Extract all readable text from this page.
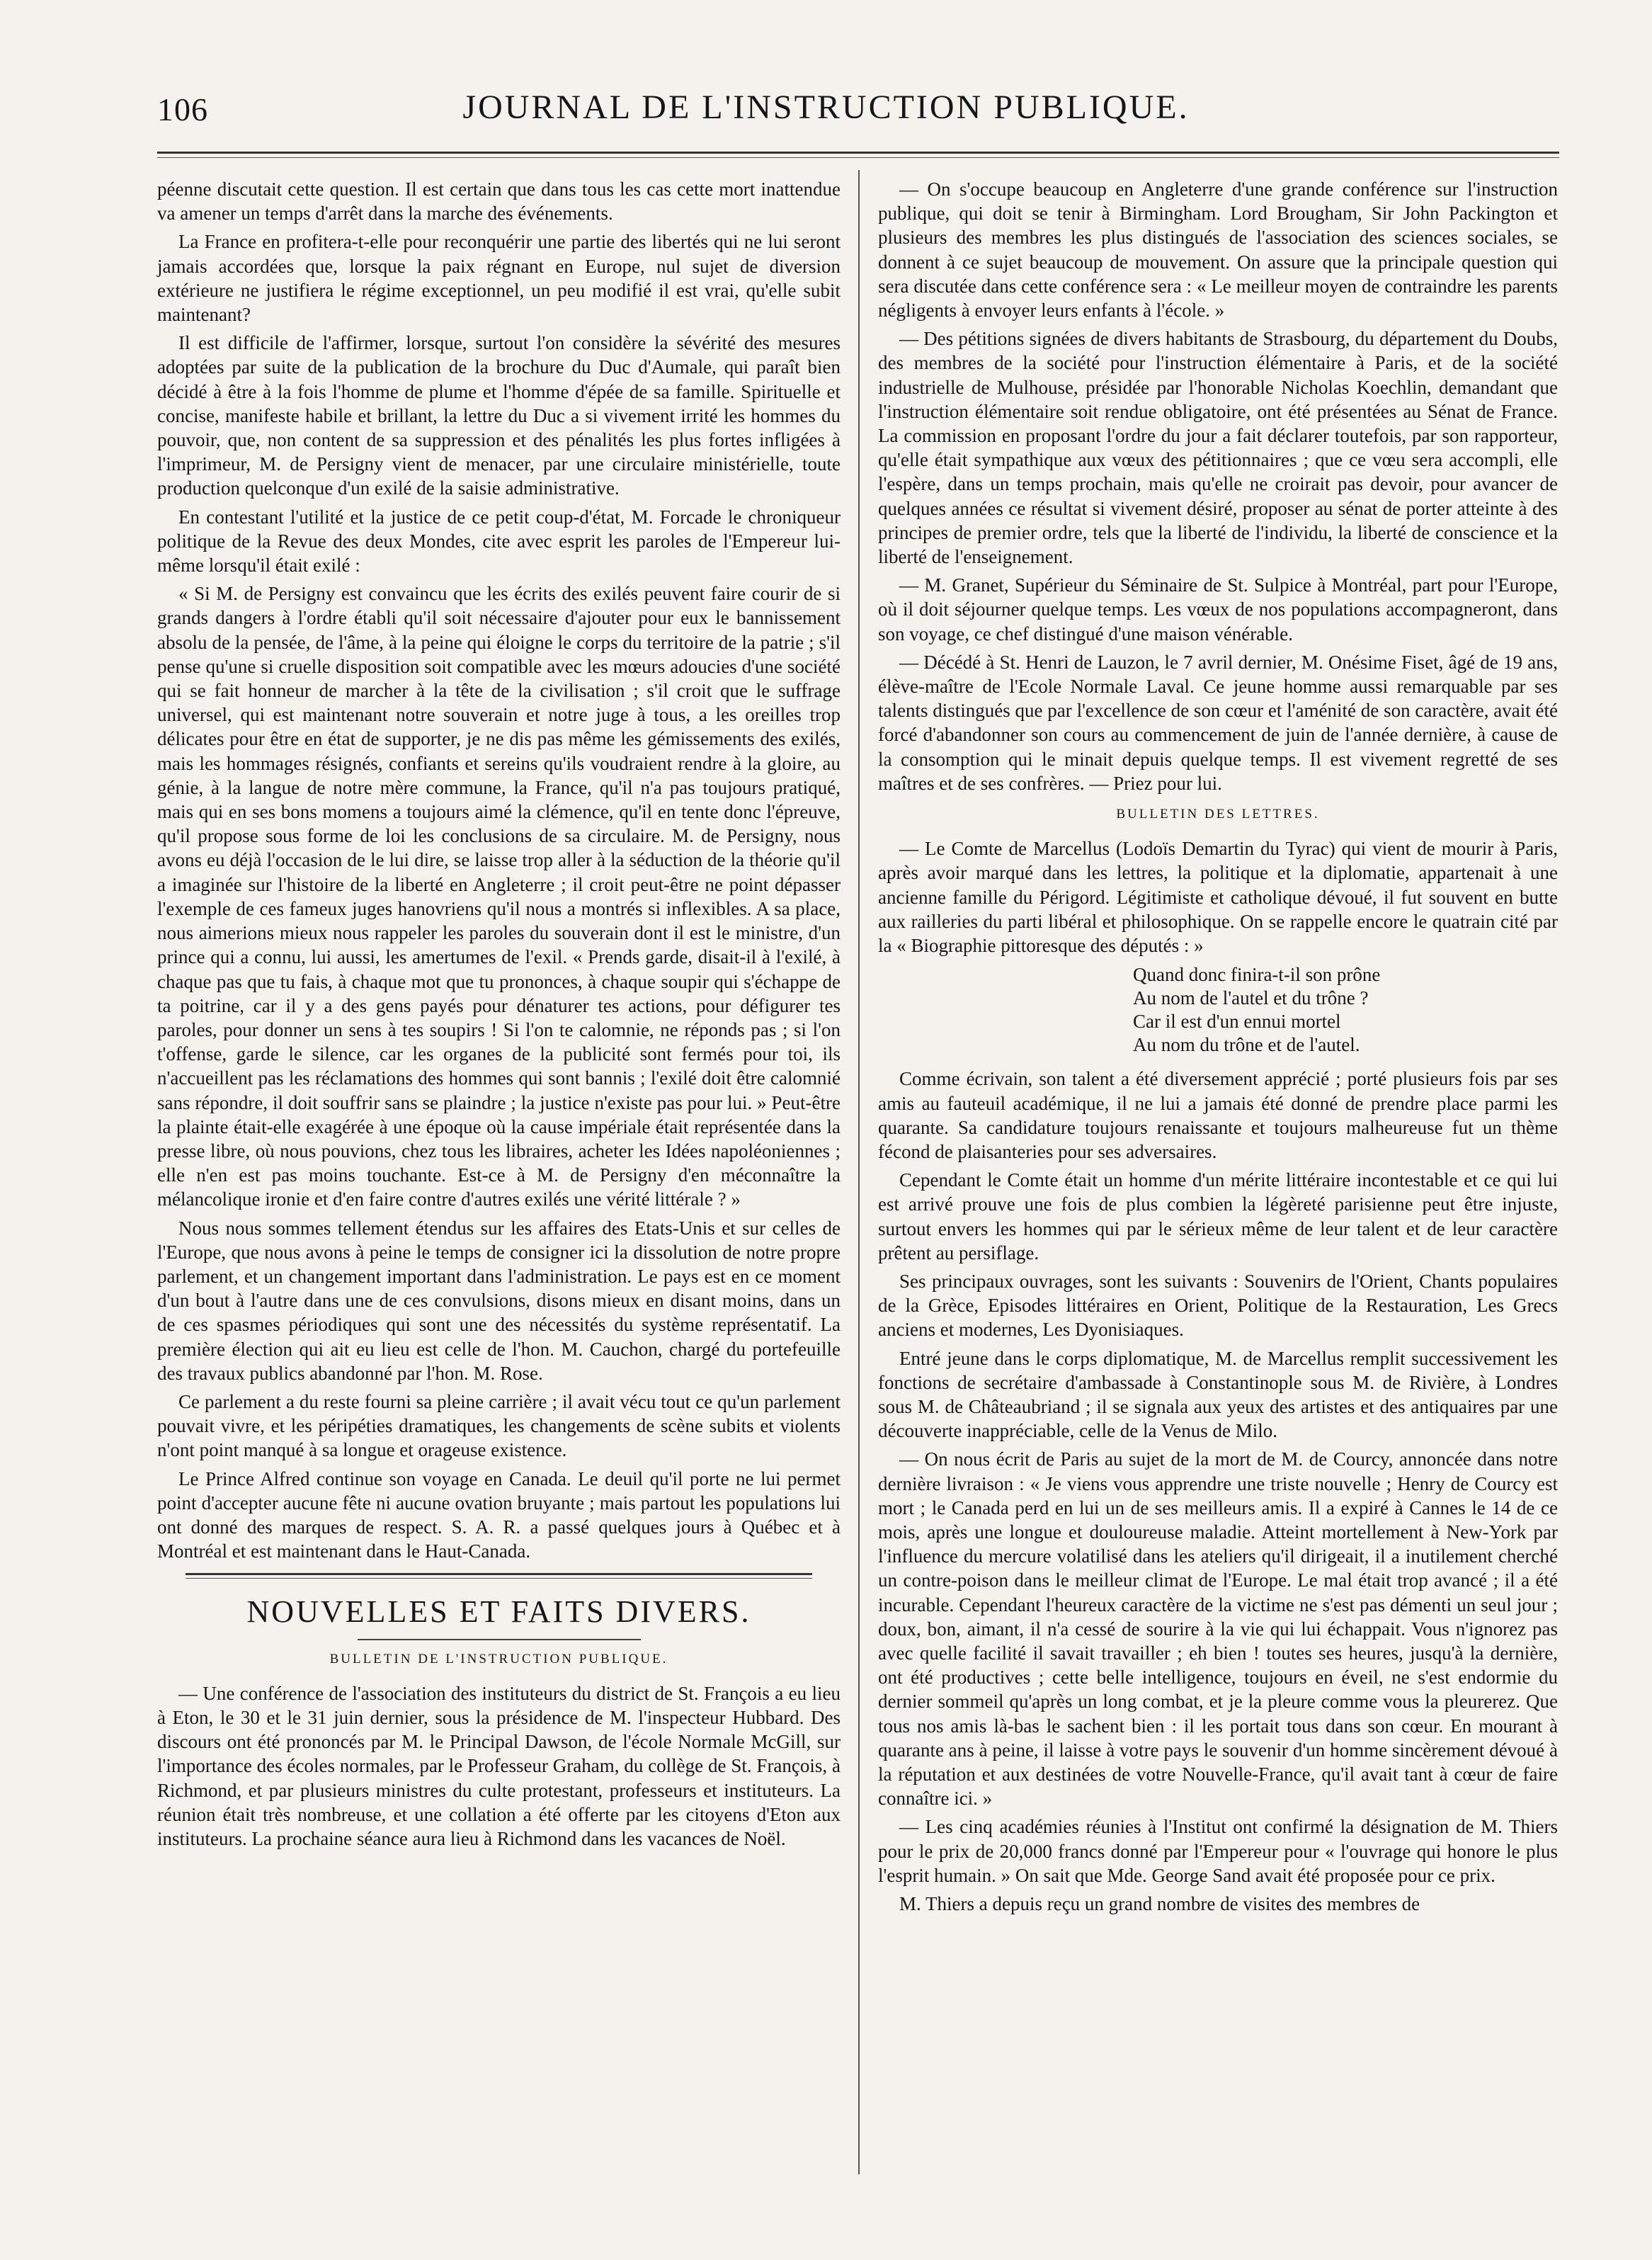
106	JOURNAL DE L'INSTRUCTION PUBLIQUE.

péenne discutait cette question. Il est certain que dans tous les cas cette mort inattendue va amener un temps d'arrêt dans la marche des événements.

La France en profitera-t-elle pour reconquérir une partie des libertés qui ne lui seront jamais accordées que, lorsque la paix régnant en Europe, nul sujet de diversion extérieure ne justifiera le régime exceptionnel, un peu modifié il est vrai, qu'elle subit maintenant?

Il est difficile de l'affirmer, lorsque, surtout l'on considère la sévérité des mesures adoptées par suite de la publication de la brochure du Duc d'Aumale, qui paraît bien décidé à être à la fois l'homme de plume et l'homme d'épée de sa famille. Spirituelle et concise, manifeste habile et brillant, la lettre du Duc a si vivement irrité les hommes du pouvoir, que, non content de sa suppression et des pénalités les plus fortes infligées à l'imprimeur, M. de Persigny vient de menacer, par une circulaire ministérielle, toute production quelconque d'un exilé de la saisie administrative.

En contestant l'utilité et la justice de ce petit coup-d'état, M. Forcade le chroniqueur politique de la Revue des deux Mondes, cite avec esprit les paroles de l'Empereur lui-même lorsqu'il était exilé :

« Si M. de Persigny est convaincu que les écrits des exilés peuvent faire courir de si grands dangers à l'ordre établi qu'il soit nécessaire d'ajouter pour eux le bannissement absolu de la pensée, de l'âme, à la peine qui éloigne le corps du territoire de la patrie ; s'il pense qu'une si cruelle disposition soit compatible avec les mœurs adoucies d'une société qui se fait honneur de marcher à la tête de la civilisation ; s'il croit que le suffrage universel, qui est maintenant notre souverain et notre juge à tous, a les oreilles trop délicates pour être en état de supporter, je ne dis pas même les gémissements des exilés, mais les hommages résignés, confiants et sereins qu'ils voudraient rendre à la gloire, au génie, à la langue de notre mère commune, la France, qu'il n'a pas toujours pratiqué, mais qui en ses bons momens a toujours aimé la clémence, qu'il en tente donc l'épreuve, qu'il propose sous forme de loi les conclusions de sa circulaire. M. de Persigny, nous avons eu déjà l'occasion de le lui dire, se laisse trop aller à la séduction de la théorie qu'il a imaginée sur l'histoire de la liberté en Angleterre ; il croit peut-être ne point dépasser l'exemple de ces fameux juges hanovriens qu'il nous a montrés si inflexibles. A sa place, nous aimerions mieux nous rappeler les paroles du souverain dont il est le ministre, d'un prince qui a connu, lui aussi, les amertumes de l'exil. « Prends garde, disait-il à l'exilé, à chaque pas que tu fais, à chaque mot que tu prononces, à chaque soupir qui s'échappe de ta poitrine, car il y a des gens payés pour dénaturer tes actions, pour défigurer tes paroles, pour donner un sens à tes soupirs ! Si l'on te calomnie, ne réponds pas ; si l'on t'offense, garde le silence, car les organes de la publicité sont fermés pour toi, ils n'accueillent pas les réclamations des hommes qui sont bannis ; l'exilé doit être calomnié sans répondre, il doit souffrir sans se plaindre ; la justice n'existe pas pour lui. » Peut-être la plainte était-elle exagérée à une époque où la cause impériale était représentée dans la presse libre, où nous pouvions, chez tous les libraires, acheter les Idées napoléoniennes ; elle n'en est pas moins touchante. Est-ce à M. de Persigny d'en méconnaître la mélancolique ironie et d'en faire contre d'autres exilés une vérité littérale ? »

Nous nous sommes tellement étendus sur les affaires des Etats-Unis et sur celles de l'Europe, que nous avons à peine le temps de consigner ici la dissolution de notre propre parlement, et un changement important dans l'administration. Le pays est en ce moment d'un bout à l'autre dans une de ces convulsions, disons mieux en disant moins, dans un de ces spasmes périodiques qui sont une des nécessités du système représentatif. La première élection qui ait eu lieu est celle de l'hon. M. Cauchon, chargé du portefeuille des travaux publics abandonné par l'hon. M. Rose.

Ce parlement a du reste fourni sa pleine carrière ; il avait vécu tout ce qu'un parlement pouvait vivre, et les péripéties dramatiques, les changements de scène subits et violents n'ont point manqué à sa longue et orageuse existence.

Le Prince Alfred continue son voyage en Canada. Le deuil qu'il porte ne lui permet point d'accepter aucune fête ni aucune ovation bruyante ; mais partout les populations lui ont donné des marques de respect. S. A. R. a passé quelques jours à Québec et à Montréal et est maintenant dans le Haut-Canada.

NOUVELLES ET FAITS DIVERS.
BULLETIN DE L'INSTRUCTION PUBLIQUE.

— Une conférence de l'association des instituteurs du district de St. François a eu lieu à Eton, le 30 et le 31 juin dernier, sous la présidence de M. l'inspecteur Hubbard. Des discours ont été prononcés par M. le Principal Dawson, de l'école Normale McGill, sur l'importance des écoles normales, par le Professeur Graham, du collège de St. François, à Richmond, et par plusieurs ministres du culte protestant, professeurs et instituteurs. La réunion était très nombreuse, et une collation a été offerte par les citoyens d'Eton aux instituteurs. La prochaine séance aura lieu à Richmond dans les vacances de Noël.

— On s'occupe beaucoup en Angleterre d'une grande conférence sur l'instruction publique, qui doit se tenir à Birmingham. Lord Brougham, Sir John Packington et plusieurs des membres les plus distingués de l'association des sciences sociales, se donnent à ce sujet beaucoup de mouvement. On assure que la principale question qui sera discutée dans cette conférence sera : « Le meilleur moyen de contraindre les parents négligents à envoyer leurs enfants à l'école. »

— Des pétitions signées de divers habitants de Strasbourg, du département du Doubs, des membres de la société pour l'instruction élémentaire à Paris, et de la société industrielle de Mulhouse, présidée par l'honorable Nicholas Koechlin, demandant que l'instruction élémentaire soit rendue obligatoire, ont été présentées au Sénat de France. La commission en proposant l'ordre du jour a fait déclarer toutefois, par son rapporteur, qu'elle était sympathique aux vœux des pétitionnaires ; que ce vœu sera accompli, elle l'espère, dans un temps prochain, mais qu'elle ne croirait pas devoir, pour avancer de quelques années ce résultat si vivement désiré, proposer au sénat de porter atteinte à des principes de premier ordre, tels que la liberté de l'individu, la liberté de conscience et la liberté de l'enseignement.

— M. Granet, Supérieur du Séminaire de St. Sulpice à Montréal, part pour l'Europe, où il doit séjourner quelque temps. Les vœux de nos populations accompagneront, dans son voyage, ce chef distingué d'une maison vénérable.

— Décédé à St. Henri de Lauzon, le 7 avril dernier, M. Onésime Fiset, âgé de 19 ans, élève-maître de l'Ecole Normale Laval. Ce jeune homme aussi remarquable par ses talents distingués que par l'excellence de son cœur et l'aménité de son caractère, avait été forcé d'abandonner son cours au commencement de juin de l'année dernière, à cause de la consomption qui le minait depuis quelque temps. Il est vivement regretté de ses maîtres et de ses confrères. — Priez pour lui.

BULLETIN DES LETTRES.

— Le Comte de Marcellus (Lodoïs Demartin du Tyrac) qui vient de mourir à Paris, après avoir marqué dans les lettres, la politique et la diplomatie, appartenait à une ancienne famille du Périgord. Légitimiste et catholique dévoué, il fut souvent en butte aux railleries du parti libéral et philosophique. On se rappelle encore le quatrain cité par la « Biographie pittoresque des députés : »

Quand donc finira-t-il son prône
Au nom de l'autel et du trône ?
Car il est d'un ennui mortel
Au nom du trône et de l'autel.

Comme écrivain, son talent a été diversement apprécié ; porté plusieurs fois par ses amis au fauteuil académique, il ne lui a jamais été donné de prendre place parmi les quarante. Sa candidature toujours renaissante et toujours malheureuse fut un thème fécond de plaisanteries pour ses adversaires.

Cependant le Comte était un homme d'un mérite littéraire incontestable et ce qui lui est arrivé prouve une fois de plus combien la légèreté parisienne peut être injuste, surtout envers les hommes qui par le sérieux même de leur talent et de leur caractère prêtent au persiflage.

Ses principaux ouvrages, sont les suivants : Souvenirs de l'Orient, Chants populaires de la Grèce, Episodes littéraires en Orient, Politique de la Restauration, Les Grecs anciens et modernes, Les Dyonisiaques.

Entré jeune dans le corps diplomatique, M. de Marcellus remplit successivement les fonctions de secrétaire d'ambassade à Constantinople sous M. de Rivière, à Londres sous M. de Châteaubriand ; il se signala aux yeux des artistes et des antiquaires par une découverte inappréciable, celle de la Venus de Milo.

— On nous écrit de Paris au sujet de la mort de M. de Courcy, annoncée dans notre dernière livraison : « Je viens vous apprendre une triste nouvelle ; Henry de Courcy est mort ; le Canada perd en lui un de ses meilleurs amis. Il a expiré à Cannes le 14 de ce mois, après une longue et douloureuse maladie. Atteint mortellement à New-York par l'influence du mercure volatilisé dans les ateliers qu'il dirigeait, il a inutilement cherché un contre-poison dans le meilleur climat de l'Europe. Le mal était trop avancé ; il a été incurable. Cependant l'heureux caractère de la victime ne s'est pas démenti un seul jour ; doux, bon, aimant, il n'a cessé de sourire à la vie qui lui échappait. Vous n'ignorez pas avec quelle facilité il savait travailler ; eh bien ! toutes ses heures, jusqu'à la dernière, ont été productives ; cette belle intelligence, toujours en éveil, ne s'est endormie du dernier sommeil qu'après un long combat, et je la pleure comme vous la pleurerez. Que tous nos amis là-bas le sachent bien : il les portait tous dans son cœur. En mourant à quarante ans à peine, il laisse à votre pays le souvenir d'un homme sincèrement dévoué à la réputation et aux destinées de votre Nouvelle-France, qu'il avait tant à cœur de faire connaître ici. »

— Les cinq académies réunies à l'Institut ont confirmé la désignation de M. Thiers pour le prix de 20,000 francs donné par l'Empereur pour « l'ouvrage qui honore le plus l'esprit humain. » On sait que Mde. George Sand avait été proposée pour ce prix.

M. Thiers a depuis reçu un grand nombre de visites des membres de
